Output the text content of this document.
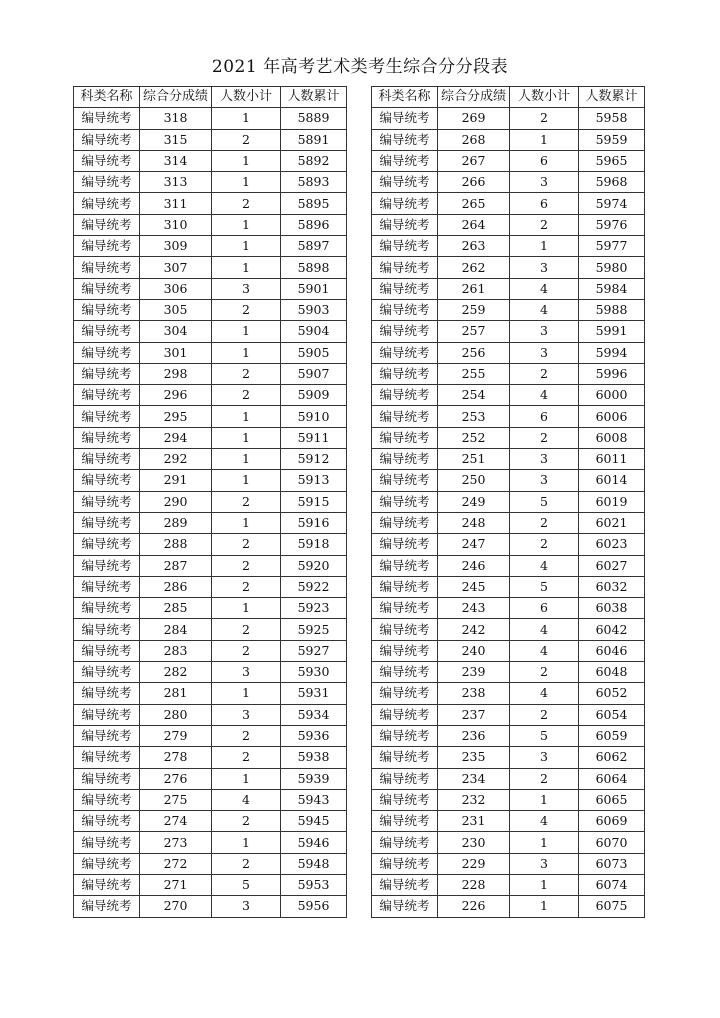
2021 年高考艺术类考生综合分分段表
科类名称	综合分成绩	人数小计	人数累计
编导统考	318	1	5889
编导统考	315	2	5891
编导统考	314	1	5892
编导统考	313	1	5893
编导统考	311	2	5895
编导统考	310	1	5896
编导统考	309	1	5897
编导统考	307	1	5898
编导统考	306	3	5901
编导统考	305	2	5903
编导统考	304	1	5904
编导统考	301	1	5905
编导统考	298	2	5907
编导统考	296	2	5909
编导统考	295	1	5910
编导统考	294	1	5911
编导统考	292	1	5912
编导统考	291	1	5913
编导统考	290	2	5915
编导统考	289	1	5916
编导统考	288	2	5918
编导统考	287	2	5920
编导统考	286	2	5922
编导统考	285	1	5923
编导统考	284	2	5925
编导统考	283	2	5927
编导统考	282	3	5930
编导统考	281	1	5931
编导统考	280	3	5934
编导统考	279	2	5936
编导统考	278	2	5938
编导统考	276	1	5939
编导统考	275	4	5943
编导统考	274	2	5945
编导统考	273	1	5946
编导统考	272	2	5948
编导统考	271	5	5953
编导统考	270	3	5956
科类名称	综合分成绩	人数小计	人数累计
编导统考	269	2	5958
编导统考	268	1	5959
编导统考	267	6	5965
编导统考	266	3	5968
编导统考	265	6	5974
编导统考	264	2	5976
编导统考	263	1	5977
编导统考	262	3	5980
编导统考	261	4	5984
编导统考	259	4	5988
编导统考	257	3	5991
编导统考	256	3	5994
编导统考	255	2	5996
编导统考	254	4	6000
编导统考	253	6	6006
编导统考	252	2	6008
编导统考	251	3	6011
编导统考	250	3	6014
编导统考	249	5	6019
编导统考	248	2	6021
编导统考	247	2	6023
编导统考	246	4	6027
编导统考	245	5	6032
编导统考	243	6	6038
编导统考	242	4	6042
编导统考	240	4	6046
编导统考	239	2	6048
编导统考	238	4	6052
编导统考	237	2	6054
编导统考	236	5	6059
编导统考	235	3	6062
编导统考	234	2	6064
编导统考	232	1	6065
编导统考	231	4	6069
编导统考	230	1	6070
编导统考	229	3	6073
编导统考	228	1	6074
编导统考	226	1	6075
